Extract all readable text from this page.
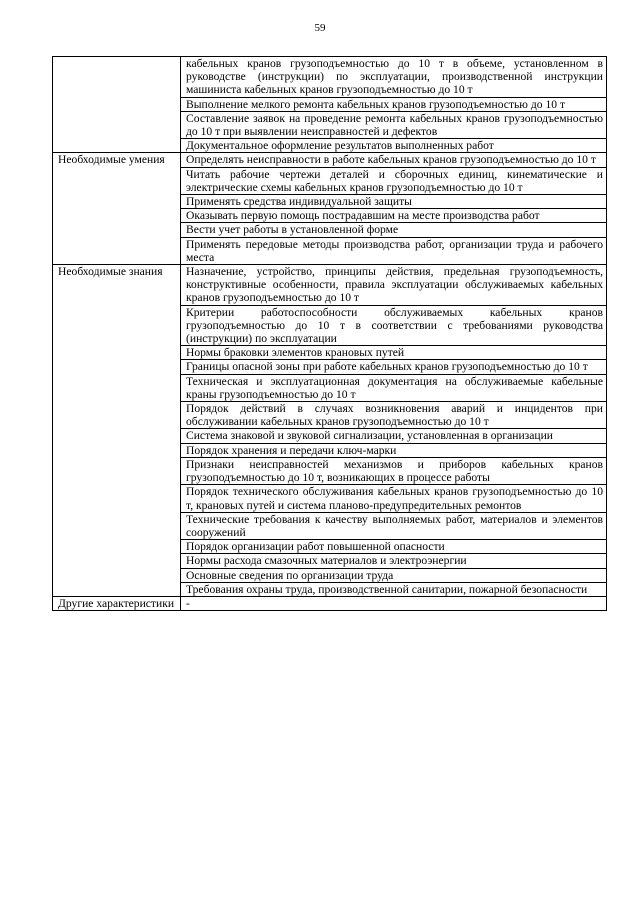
59
	кабельных кранов грузоподъемностью до 10 т в объеме, установленном в руководстве (инструкции) по эксплуатации, производственной инструкции машиниста кабельных кранов грузоподъемностью до 10 т
	Выполнение мелкого ремонта кабельных кранов грузоподъемностью до 10 т
	Составление заявок на проведение ремонта кабельных кранов грузоподъемностью до 10 т при выявлении неисправностей и дефектов
	Документальное оформление результатов выполненных работ
Необходимые умения	Определять неисправности в работе кабельных кранов грузоподъемностью до 10 т
	Читать рабочие чертежи деталей и сборочных единиц, кинематические и электрические схемы кабельных кранов грузоподъемностью до 10 т
	Применять средства индивидуальной защиты
	Оказывать первую помощь пострадавшим на месте производства работ
	Вести учет работы в установленной форме
	Применять передовые методы производства работ, организации труда и рабочего места
Необходимые знания	Назначение, устройство, принципы действия, предельная грузоподъемность, конструктивные особенности, правила эксплуатации обслуживаемых кабельных кранов грузоподъемностью до 10 т
	Критерии работоспособности обслуживаемых кабельных кранов грузоподъемностью до 10 т в соответствии с требованиями руководства (инструкции) по эксплуатации
	Нормы браковки элементов крановых путей
	Границы опасной зоны при работе кабельных кранов грузоподъемностью до 10 т
	Техническая и эксплуатационная документация на обслуживаемые кабельные краны грузоподъемностью до 10 т
	Порядок действий в случаях возникновения аварий и инцидентов при обслуживании кабельных кранов грузоподъемностью до 10 т
	Система знаковой и звуковой сигнализации, установленная в организации
	Порядок хранения и передачи ключ-марки
	Признаки неисправностей механизмов и приборов кабельных кранов грузоподъемностью до 10 т, возникающих в процессе работы
	Порядок технического обслуживания кабельных кранов грузоподъемностью до 10 т, крановых путей и система планово-предупредительных ремонтов
	Технические требования к качеству выполняемых работ, материалов и элементов сооружений
	Порядок организации работ повышенной опасности
	Нормы расхода смазочных материалов и электроэнергии
	Основные сведения по организации труда
	Требования охраны труда, производственной санитарии, пожарной безопасности
Другие характеристики	-
